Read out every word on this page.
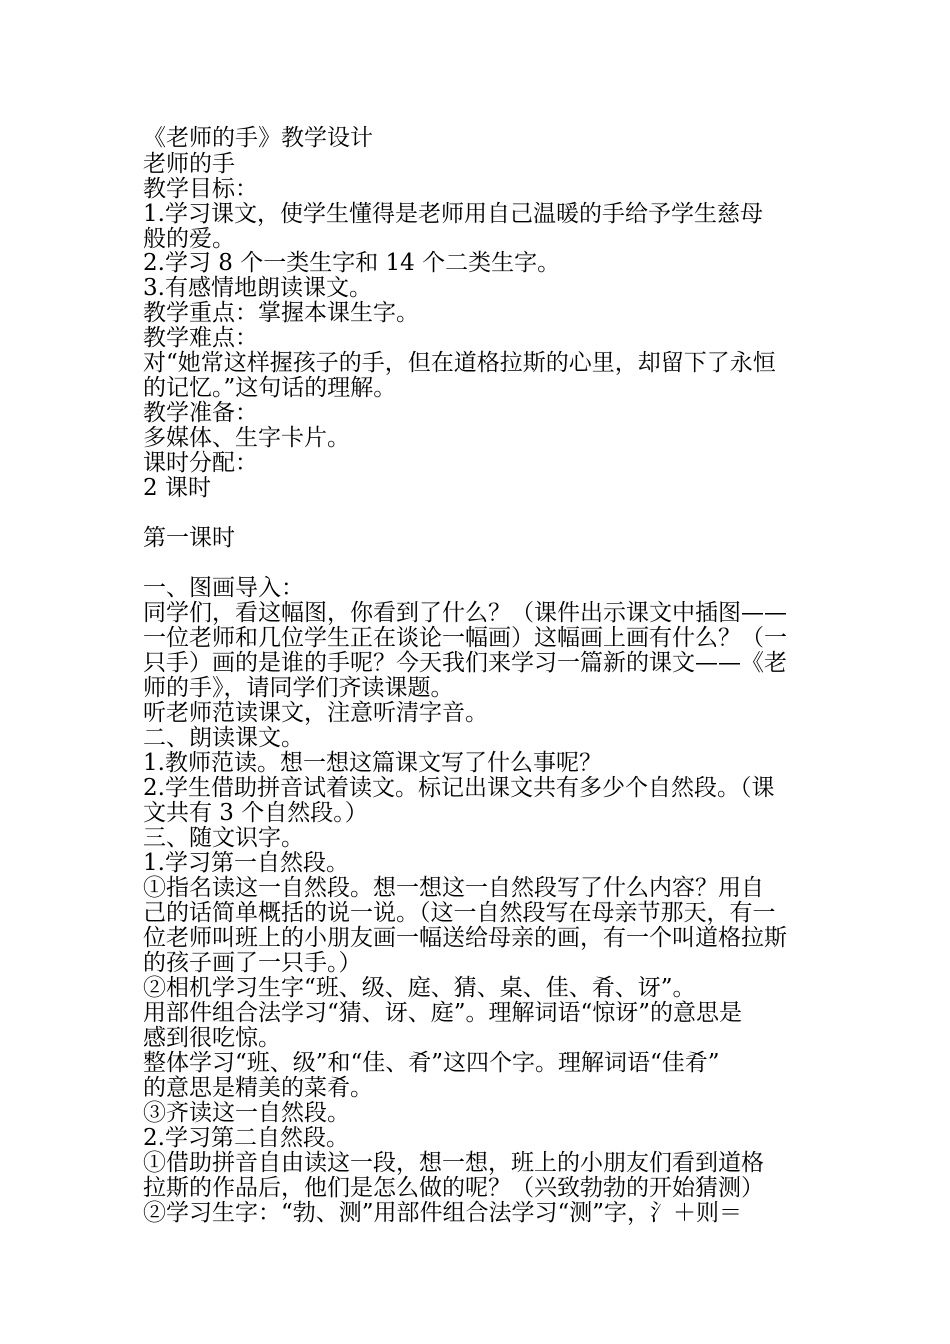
《老师的手》教学设计
老师的手
教学目标：
1.学习课文，使学生懂得是老师用自己温暖的手给予学生慈母
般的爱。
2.学习 8 个一类生字和 14 个二类生字。
3.有感情地朗读课文。
教学重点：掌握本课生字。
教学难点：
对“她常这样握孩子的手，但在道格拉斯的心里，却留下了永恒
的记忆。”这句话的理解。
教学准备：
多媒体、生字卡片。
课时分配：
2 课时
第一课时
一、图画导入：
同学们，看这幅图，你看到了什么？（课件出示课文中插图——
一位老师和几位学生正在谈论一幅画）这幅画上画有什么？（一
只手）画的是谁的手呢？今天我们来学习一篇新的课文——《老
师的手》，请同学们齐读课题。
听老师范读课文，注意听清字音。
二、朗读课文。
1.教师范读。想一想这篇课文写了什么事呢？
2.学生借助拼音试着读文。标记出课文共有多少个自然段。（课
文共有 3 个自然段。）
三、随文识字。
1.学习第一自然段。
①指名读这一自然段。想一想这一自然段写了什么内容？用自
己的话简单概括的说一说。（这一自然段写在母亲节那天，有一
位老师叫班上的小朋友画一幅送给母亲的画，有一个叫道格拉斯
的孩子画了一只手。）
②相机学习生字“班、级、庭、猜、桌、佳、肴、讶”。
用部件组合法学习“猜、讶、庭”。理解词语“惊讶”的意思是
感到很吃惊。
整体学习“班、级”和“佳、肴”这四个字。理解词语“佳肴”
的意思是精美的菜肴。
③齐读这一自然段。
2.学习第二自然段。
①借助拼音自由读这一段，想一想，班上的小朋友们看到道格
拉斯的作品后，他们是怎么做的呢？（兴致勃勃的开始猜测）
②学习生字：“勃、测”用部件组合法学习“测”字，氵＋则＝
